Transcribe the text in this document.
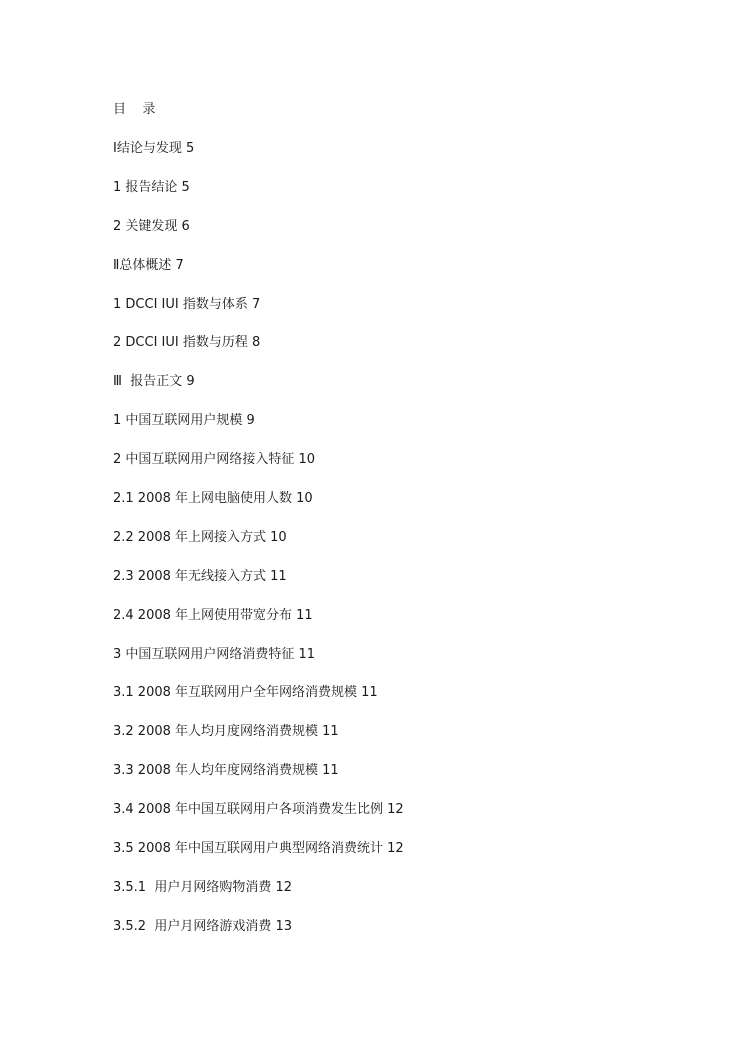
目    录
Ⅰ结论与发现 5
1 报告结论 5
2 关键发现 6
Ⅱ总体概述 7
1 DCCI IUI 指数与体系 7
2 DCCI IUI 指数与历程 8
Ⅲ  报告正文 9
1 中国互联网用户规模 9
2 中国互联网用户网络接入特征 10
2.1 2008 年上网电脑使用人数 10
2.2 2008 年上网接入方式 10
2.3 2008 年无线接入方式 11
2.4 2008 年上网使用带宽分布 11
3 中国互联网用户网络消费特征 11
3.1 2008 年互联网用户全年网络消费规模 11
3.2 2008 年人均月度网络消费规模 11
3.3 2008 年人均年度网络消费规模 11
3.4 2008 年中国互联网用户各项消费发生比例 12
3.5 2008 年中国互联网用户典型网络消费统计 12
3.5.1  用户月网络购物消费 12
3.5.2  用户月网络游戏消费 13
